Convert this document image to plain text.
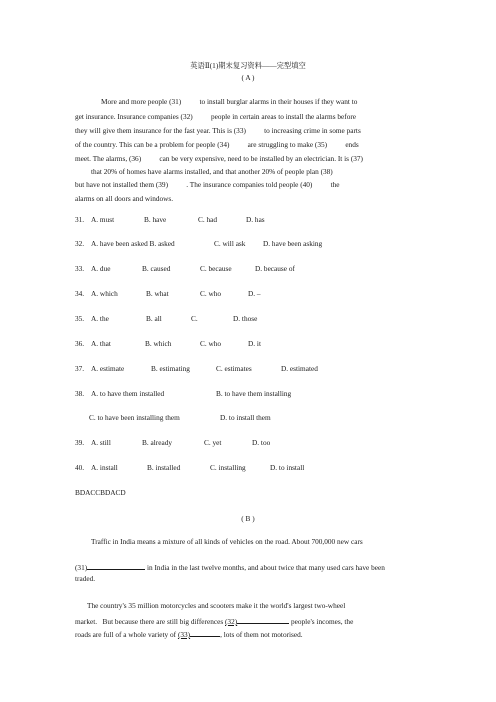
英语Ⅱ(1)期末复习资料——完型填空
( A )
More and more people (31)          to install burglar alarms in their houses if they want to
get insurance. Insurance companies (32)          people in certain areas to install the alarms before
they will give them insurance for the fast year. This is (33)          to increasing crime in some parts
of the country. This can be a problem for people (34)          are struggling to make (35)          ends
meet. The alarms, (36)          can be very expensive, need to be installed by an electrician. It is (37)
that 20% of homes have alarms installed, and that another 20% of people plan (38)
but have not installed them (39)          . The insurance companies told people (40)          the
alarms on all doors and windows.
31. A. must	B. have	C. had	D. has
32. A. have been asked B. asked	C. will ask D. have been asking
33. A. due	B. caused	C. because	D. because of
34. A. which	B. what	C. who	D. –
35. A. the	B. all	C.	D. those
36. A. that	B. which	C. who	D. it
37. A. estimate	B. estimating	C. estimates	D. estimated
38. A. to have them installed	B. to have them installing
C. to have been installing them	D. to install them
39. A. still	B. already	C. yet	D. too
40. A. install	B. installed	C. installing	D. to install
BDACCBDACD
( B )
Traffic in India means a mixture of all kinds of vehicles on the road. About 700,000 new cars
(31)	in India in the last twelve months, and about twice that many used cars have been
traded.
The country's 35 million motorcycles and scooters make it the world's largest two-wheel
market.   But because there are still big differences (32)	people's incomes, the
roads are full of a whole variety of (33)	, lots of them not motorised.
